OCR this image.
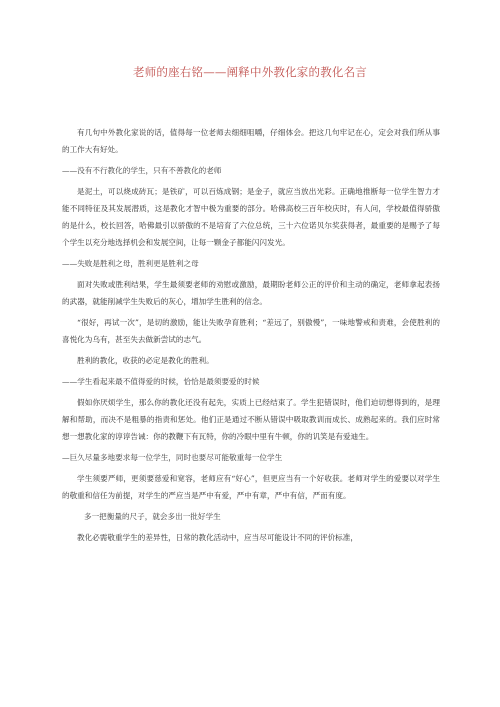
老师的座右铭——阐释中外教化家的教化名言

有几句中外教化家说的话，值得每一位老师去细细咀嚼，仔细体会。把这几句牢记在心，定会对我们所从事的工作大有好处。

——没有不行教化的学生，只有不善教化的老师

是泥土，可以烧成砖瓦；是铁矿，可以百炼成钢；是金子，就应当放出光彩。正确地推断每一位学生智力才能不同特征及其发展潜质，这是教化才智中极为重要的部分。哈佛高校三百年校庆时，有人问，学校最值得骄傲的是什么，校长回答，哈佛最引以骄傲的不是培育了六位总统，三十六位诺贝尔奖获得者，最重要的是赐予了每个学生以充分地选择机会和发展空间，让每一颗金子都能闪闪发光。

——失败是胜利之母，胜利更是胜利之母

面对失败或胜利结果，学生最须要老师的劝慰或激励，最期盼老师公正的评价和主动的确定，老师拿起表扬的武器，就能削减学生失败后的灰心，增加学生胜利的信念。

“很好，再试一次”，是切的激励，能让失败孕育胜利；“差远了，别傲慢”，一味地警戒和责难，会使胜利的喜悦化为乌有，甚至失去做新尝试的志气。

胜利的教化，收获的必定是教化的胜利。

——学生看起来最不值得爱的时候，恰恰是最须要爱的时候

假如你厌烦学生，那么你的教化还没有起先，实质上已经结束了。学生犯错误时，他们迫切想得到的，是理解和帮助，而决不是粗暴的指责和惩处。他们正是通过不断从错误中吸取教训而成长、成熟起来的。我们应时常想一想教化家的谆谆告诫：你的教鞭下有瓦特，你的冷眼中里有牛顿，你的讥笑是有爱迪生。

—巨久尽量多地要求每一位学生，同时也要尽可能敬重每一位学生

学生须要严师，更须要慈爱和宽容，老师应有“好心”，但更应当有一个好收获。老师对学生的爱要以对学生的敬重和信任为前提，对学生的严应当是严中有爱，严中有章，严中有信，严而有度。

多一把衡量的尺子，就会多出一批好学生

教化必需敬重学生的差异性，日常的教化活动中，应当尽可能设计不同的评价标准，
